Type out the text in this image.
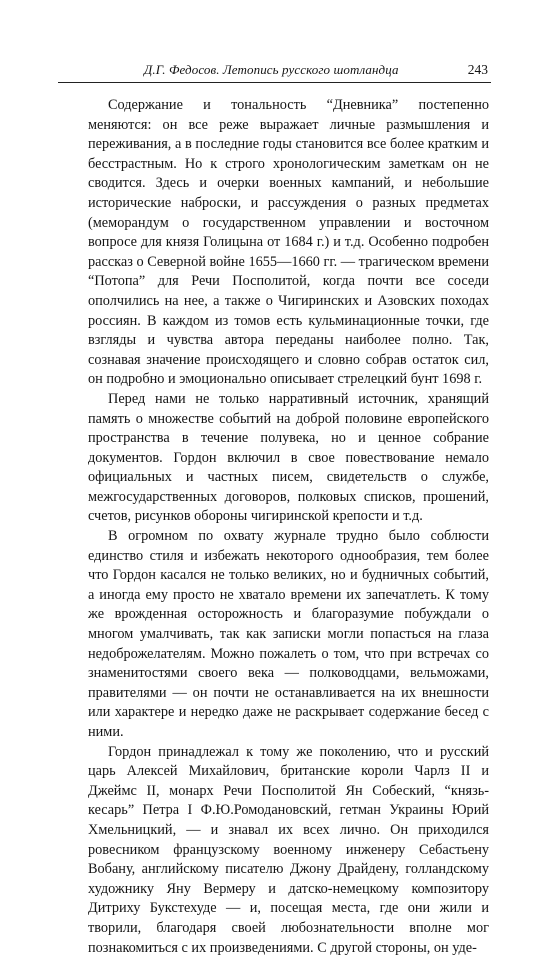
Д.Г. Федосов. Летопись русского шотландца	243

Содержание и тональность “Дневника” постепенно меняются: он все реже выражает личные размышления и переживания, а в последние годы становится все более кратким и бесстрастным. Но к строго хронологическим заметкам он не сводится. Здесь и очерки военных кампаний, и небольшие исторические наброски, и рассуждения о разных предметах (меморандум о государственном управлении и восточном вопросе для князя Голицына от 1684 г.) и т.д. Особенно подробен рассказ о Северной войне 1655—1660 гг. — трагическом времени “Потопа” для Речи Посполитой, когда почти все соседи ополчились на нее, а также о Чигиринских и Азовских походах россиян. В каждом из томов есть кульминационные точки, где взгляды и чувства автора переданы наиболее полно. Так, сознавая значение происходящего и словно собрав остаток сил, он подробно и эмоционально описывает стрелецкий бунт 1698 г.

Перед нами не только нарративный источник, хранящий память о множестве событий на доброй половине европейского пространства в течение полувека, но и ценное собрание документов. Гордон включил в свое повествование немало официальных и частных писем, свидетельств о службе, межгосударственных договоров, полковых списков, прошений, счетов, рисунков обороны чигиринской крепости и т.д.

В огромном по охвату журнале трудно было соблюсти единство стиля и избежать некоторого однообразия, тем более что Гордон касался не только великих, но и будничных событий, а иногда ему просто не хватало времени их запечатлеть. К тому же врожденная осторожность и благоразумие побуждали о многом умалчивать, так как записки могли попасться на глаза недоброжелателям. Можно пожалеть о том, что при встречах со знаменитостями своего века — полководцами, вельможами, правителями — он почти не останавливается на их внешности или характере и нередко даже не раскрывает содержание бесед с ними.

Гордон принадлежал к тому же поколению, что и русский царь Алексей Михайлович, британские короли Чарлз II и Джеймс II, монарх Речи Посполитой Ян Собеский, “князь-кесарь” Петра I Ф.Ю.Ромодановский, гетман Украины Юрий Хмельницкий, — и знавал их всех лично. Он приходился ровесником французскому военному инженеру Себастьену Вобану, английскому писателю Джону Драйдену, голландскому художнику Яну Вермеру и датско-немецкому композитору Дитриху Букстехуде — и, посещая места, где они жили и творили, благодаря своей любознательности вполне мог познакомиться с их произведениями. С другой стороны, он уде-
